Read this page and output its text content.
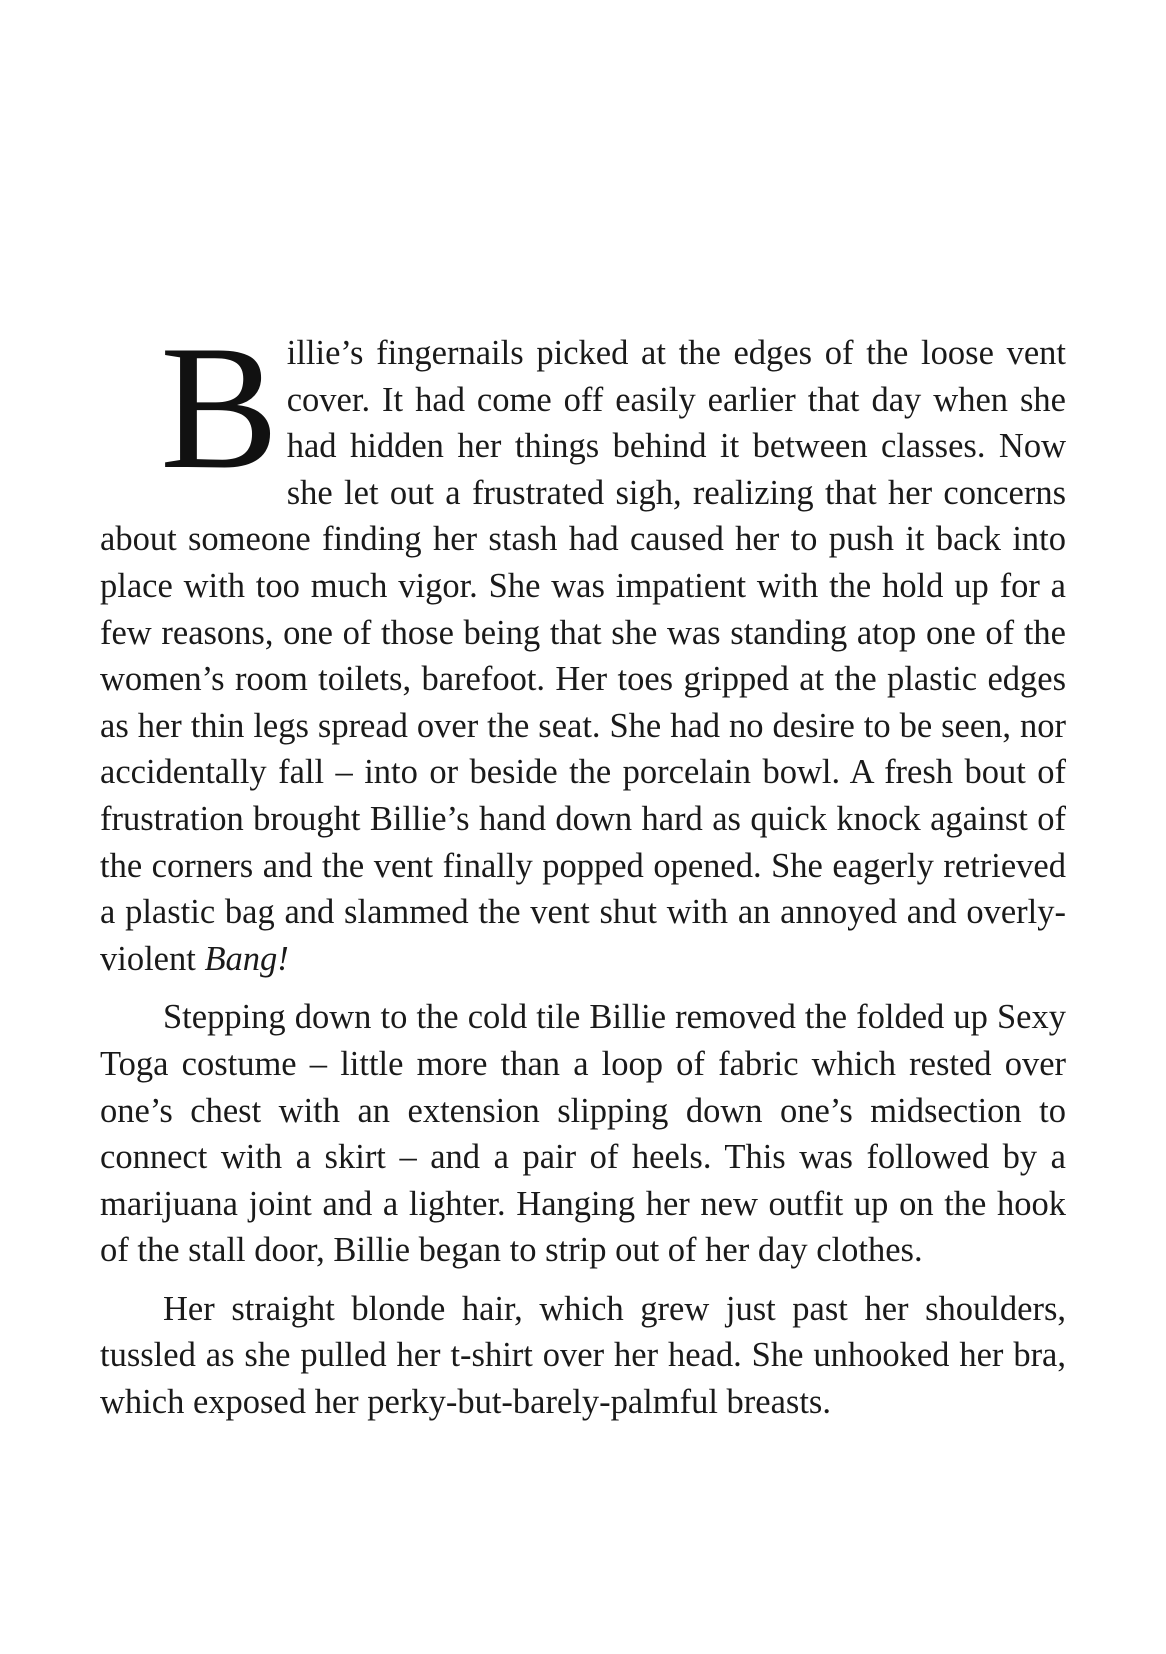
Billie’s fingernails picked at the edges of the loose vent cover. It had come off easily earlier that day when she had hidden her things behind it between classes. Now she let out a frustrated sigh, realizing that her concerns about someone finding her stash had caused her to push it back into place with too much vigor. She was impatient with the hold up for a few reasons, one of those being that she was standing atop one of the women’s room toilets, barefoot. Her toes gripped at the plastic edges as her thin legs spread over the seat. She had no desire to be seen, nor accidentally fall – into or beside the porcelain bowl. A fresh bout of frustration brought Billie’s hand down hard as quick knock against of the corners and the vent finally popped opened. She eagerly retrieved a plastic bag and slammed the vent shut with an annoyed and overly-violent Bang!

Stepping down to the cold tile Billie removed the folded up Sexy Toga costume – little more than a loop of fabric which rested over one’s chest with an extension slipping down one’s midsection to connect with a skirt – and a pair of heels. This was followed by a marijuana joint and a lighter. Hanging her new outfit up on the hook of the stall door, Billie began to strip out of her day clothes.

Her straight blonde hair, which grew just past her shoulders, tussled as she pulled her t-shirt over her head. She unhooked her bra, which exposed her perky-but-barely-palmful breasts.
